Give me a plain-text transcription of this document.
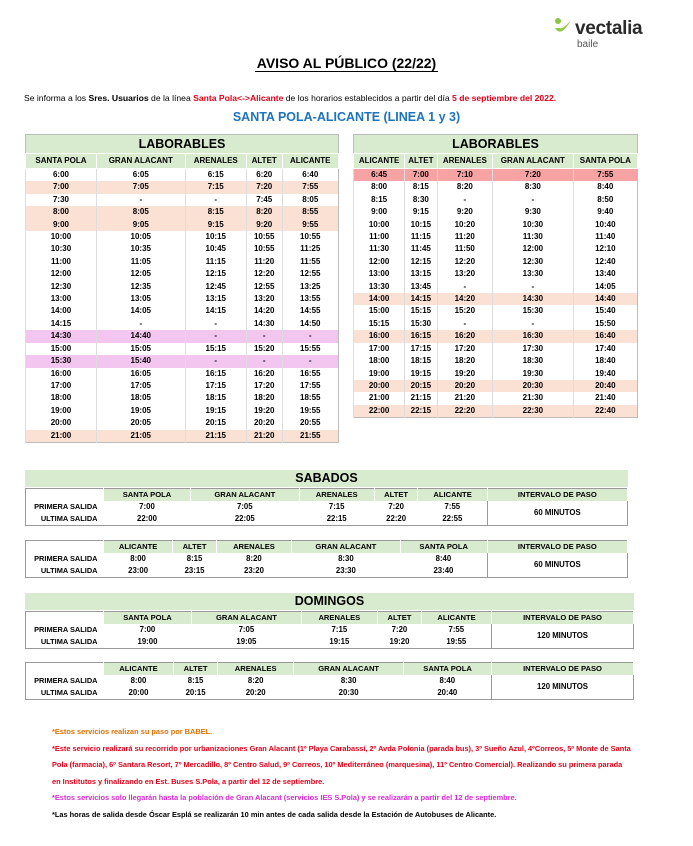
vectalia
baile
AVISO AL PÚBLICO (22/22)
Se informa a los Sres. Usuarios de la línea Santa Pola<->Alicante de los horarios establecidos a partir del día 5 de septiembre del 2022.
SANTA POLA-ALICANTE (LINEA 1 y 3)
LABORABLES				
SANTA POLA	GRAN ALACANT	ARENALES	ALTET	ALICANTE
6:00	6:05	6:15	6:20	6:40
7:00	7:05	7:15	7:20	7:55
7:30	-	-	7:45	8:05
8:00	8:05	8:15	8:20	8:55
9:00	9:05	9:15	9:20	9:55
10:00	10:05	10:15	10:55	10:55
10:30	10:35	10:45	10:55	11:25
11:00	11:05	11:15	11:20	11:55
12:00	12:05	12:15	12:20	12:55
12:30	12:35	12:45	12:55	13:25
13:00	13:05	13:15	13:20	13:55
14:00	14:05	14:15	14:20	14:55
14:15	-	-	14:30	14:50
14:30	14:40	-	-	-
15:00	15:05	15:15	15:20	15:55
15:30	15:40	-	-	-
16:00	16:05	16:15	16:20	16:55
17:00	17:05	17:15	17:20	17:55
18:00	18:05	18:15	18:20	18:55
19:00	19:05	19:15	19:20	19:55
20:00	20:05	20:15	20:20	20:55
21:00	21:05	21:15	21:20	21:55
LABORABLES				
ALICANTE	ALTET	ARENALES	GRAN ALACANT	SANTA POLA
6:45	7:00	7:10	7:20	7:55
8:00	8:15	8:20	8:30	8:40
8:15	8:30	-	-	8:50
9:00	9:15	9:20	9:30	9:40
10:00	10:15	10:20	10:30	10:40
11:00	11:15	11:20	11:30	11:40
11:30	11:45	11:50	12:00	12:10
12:00	12:15	12:20	12:30	12:40
13:00	13:15	13:20	13:30	13:40
13:30	13:45	-	-	14:05
14:00	14:15	14:20	14:30	14:40
15:00	15:15	15:20	15:30	15:40
15:15	15:30	-	-	15:50
16:00	16:15	16:20	16:30	16:40
17:00	17:15	17:20	17:30	17:40
18:00	18:15	18:20	18:30	18:40
19:00	19:15	19:20	19:30	19:40
20:00	20:15	20:20	20:30	20:40
21:00	21:15	21:20	21:30	21:40
22:00	22:15	22:20	22:30	22:40
SABADOS
	SANTA POLA	GRAN ALACANT	ARENALES	ALTET	ALICANTE	INTERVALO DE PASO
PRIMERA SALIDA	7:00	7:05	7:15	7:20	7:55	60 MINUTOS
ULTIMA SALIDA	22:00	22:05	22:15	22:20	22:55	
	ALICANTE	ALTET	ARENALES	GRAN ALACANT	SANTA POLA	INTERVALO DE PASO
PRIMERA SALIDA	8:00	8:15	8:20	8:30	8:40	60 MINUTOS
ULTIMA SALIDA	23:00	23:15	23:20	23:30	23:40	
DOMINGOS
	SANTA POLA	GRAN ALACANT	ARENALES	ALTET	ALICANTE	INTERVALO DE PASO
PRIMERA SALIDA	7:00	7:05	7:15	7:20	7:55	120 MINUTOS
ULTIMA SALIDA	19:00	19:05	19:15	19:20	19:55	
	ALICANTE	ALTET	ARENALES	GRAN ALACANT	SANTA POLA	INTERVALO DE PASO
PRIMERA SALIDA	8:00	8:15	8:20	8:30	8:40	120 MINUTOS
ULTIMA SALIDA	20:00	20:15	20:20	20:30	20:40	
*Estos servicios realizan su paso por BABEL.
*Este servicio realizará su recorrido por urbanizaciones Gran Alacant (1º Playa Carabassí, 2º Avda Polonia (parada bus), 3º Sueño Azul, 4ºCorreos, 5º Monte de Santa
Pola (farmacia), 6º Santara Resort, 7º Mercadillo, 8º Centro Salud, 9º Correos, 10º Mediterráneo (marquesina), 11º Centro Comercial). Realizando su primera parada
en Institutos y finalizando en Est. Buses S.Pola, a partir del 12 de septiembre.
*Estos servicios solo llegarán hasta la población de Gran Alacant (servicios IES S.Pola) y se realizarán a partir del 12 de septiembre.
*Las horas de salida desde Óscar Esplá se realizarán 10 min antes de cada salida desde la Estación de Autobuses de Alicante.
